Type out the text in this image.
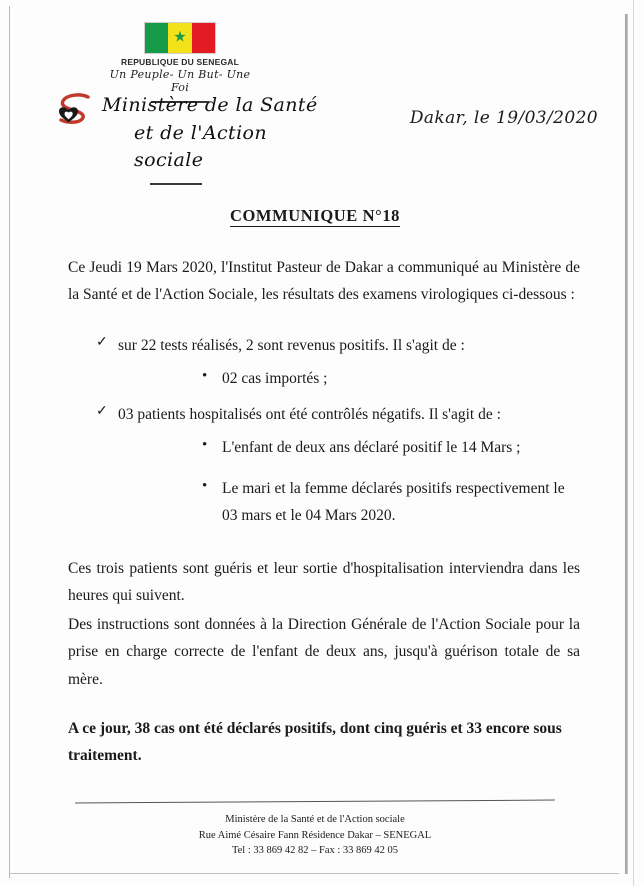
★
REPUBLIQUE DU SENEGAL
Un Peuple- Un But- Une Foi
Ministère de la Santé
et de l'Action sociale
Dakar, le 19/03/2020
COMMUNIQUE N°18

Ce Jeudi 19 Mars 2020, l'Institut Pasteur de Dakar a communiqué au Ministère de la Santé et de l'Action Sociale, les résultats des examens virologiques ci-dessous :

✓ sur 22 tests réalisés, 2 sont revenus positifs. Il s'agit de :
• 02 cas importés ;
✓ 03 patients hospitalisés ont été contrôlés négatifs. Il s'agit de :
• L'enfant de deux ans déclaré positif le 14 Mars ;
• Le mari et la femme déclarés positifs respectivement le 03 mars et le 04 Mars 2020.

Ces trois patients sont guéris et leur sortie d'hospitalisation interviendra dans les heures qui suivent.

Des instructions sont données à la Direction Générale de l'Action Sociale pour la prise en charge correcte de l'enfant de deux ans, jusqu'à guérison totale de sa mère.

A ce jour, 38 cas ont été déclarés positifs, dont cinq guéris et 33 encore sous traitement.

Ministère de la Santé et de l'Action sociale
Rue Aimé Césaire Fann Résidence Dakar – SENEGAL
Tel : 33 869 42 82 – Fax : 33 869 42 05
